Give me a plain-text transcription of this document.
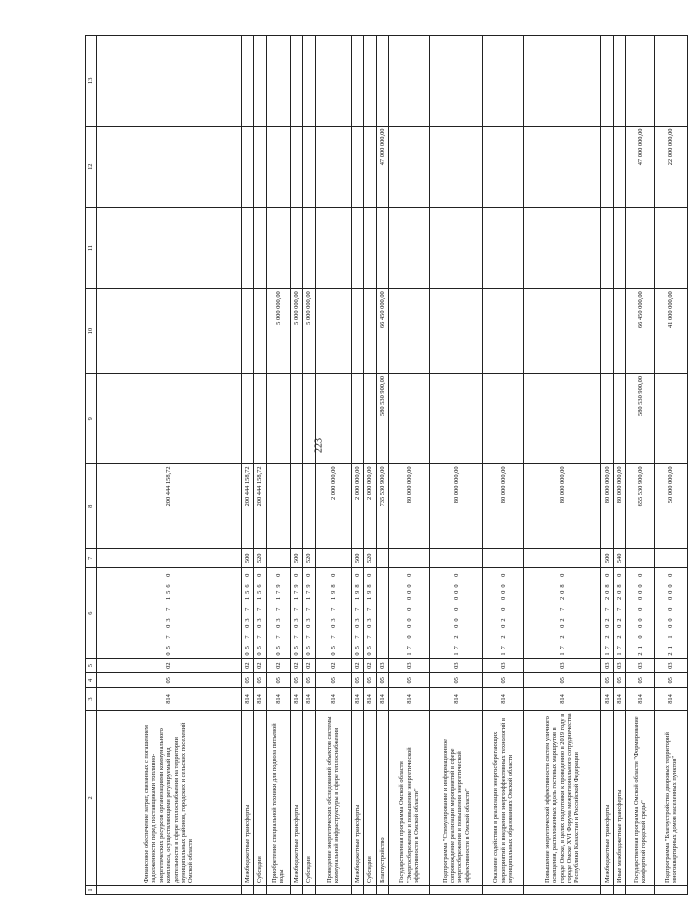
223
1	2	3	4	5	6	7	8	9	10	11	12	13
	Финансовое обеспечение затрат, связанных с погашением задолженности перед поставщиками топливно-энергетических ресурсов организациями коммунального комплекса, осуществляющими регулируемый вид деятельности в сфере теплоснабжения на территории муниципальных районов, городских и сельских поселений Омской области	814	05	02	05 7 03 7 156 0		200 444 158,72					
	Межбюджетные трансферты	814	05	02	05 7 03 7 156 0	500	200 444 158,72					
	Субсидии	814	05	02	05 7 03 7 156 0	520	200 444 158,72					
	Приобретение специальной техники для подвоза питьевой воды	814	05	02	05 7 03 7 179 0				5 000 000,00			
	Межбюджетные трансферты	814	05	02	05 7 03 7 179 0	500			5 000 000,00			
	Субсидии	814	05	02	05 7 03 7 179 0	520			5 000 000,00			
	Проведение энергетических обследований объектов системы коммунальной инфраструктуры в сфере теплоснабжения	814	05	02	05 7 03 7 198 0		2 000 000,00					
	Межбюджетные трансферты	814	05	02	05 7 03 7 198 0	500	2 000 000,00					
	Субсидии	814	05	02	05 7 03 7 198 0	520	2 000 000,00					
	Благоустройство	814	05	03			735 530 900,00	580 530 900,00	66 450 000,00		47 000 000,00	
	Государственная программа Омской области "Энергосбережение и повышение энергетической эффективности в Омской области"	814	05	03	17 0 00 0 000 0		80 000 000,00					
	Подпрограмма "Стимулирование и информационное сопровождение реализации мероприятий в сфере энергосбережения и повышения энергетической эффективности в Омской области"	814	05	03	17 2 00 0 000 0		80 000 000,00					
	Оказание содействия в реализации энергосберегающих мероприятий и внедрении энергоэффективных технологий в муниципальных образованиях Омской области	814	05	03	17 2 02 0 000 0		80 000 000,00					
	Повышение энергетической эффективности систем уличного освещения, расположенных вдоль гостевых маршрутов в городе Омске, в целях подготовки к проведению в 2019 году в городе Омске XVI Форума межрегионального сотрудничества Республики Казахстан и Российской Федерации	814	05	03	17 2 02 7 208 0		80 000 000,00					
	Межбюджетные трансферты	814	05	03	17 2 02 7 208 0	500	80 000 000,00					
	Иные межбюджетные трансферты	814	05	03	17 2 02 7 208 0	540	80 000 000,00					
	Государственная программа Омской области "Формирование комфортной городской среды"	814	05	03	21 0 00 0 000 0		655 530 900,00	580 530 900,00	66 450 000,00		47 000 000,00	
	Подпрограмма "Благоустройство дворовых территорий многоквартирных домов населенных пунктов"	814	05	03	21 1 00 0 000 0		50 000 000,00		41 000 000,00		22 000 000,00	
